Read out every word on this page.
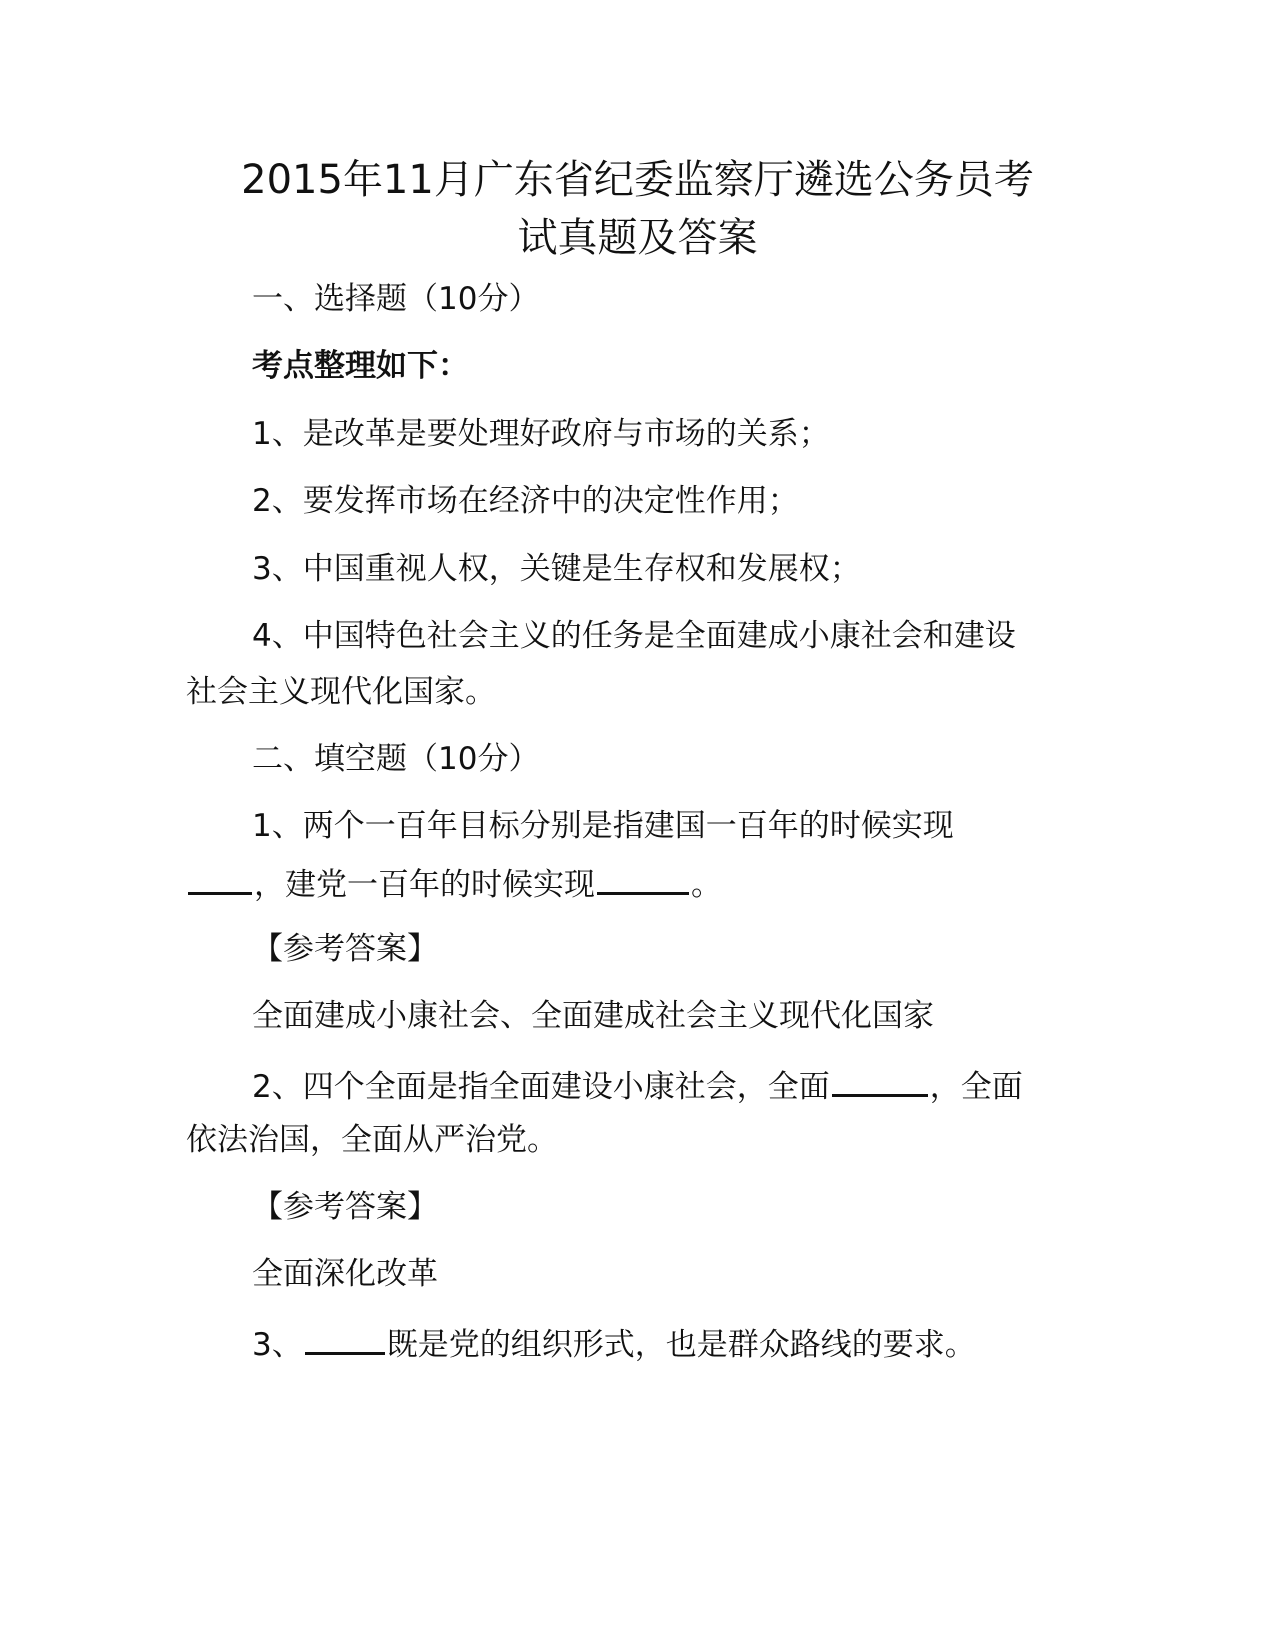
2015年11月广东省纪委监察厅遴选公务员考
试真题及答案

一、选择题（10分）

考点整理如下：

1、是改革是要处理好政府与市场的关系；

2、要发挥市场在经济中的决定性作用；

3、中国重视人权，关键是生存权和发展权；

4、中国特色社会主义的任务是全面建成小康社会和建设

社会主义现代化国家。

二、填空题（10分）

1、两个一百年目标分别是指建国一百年的时候实现

，建党一百年的时候实现	。

【参考答案】

全面建成小康社会、全面建成社会主义现代化国家

2、四个全面是指全面建设小康社会，全面	，全面

依法治国，全面从严治党。

【参考答案】

全面深化改革

3、	既是党的组织形式，也是群众路线的要求。
